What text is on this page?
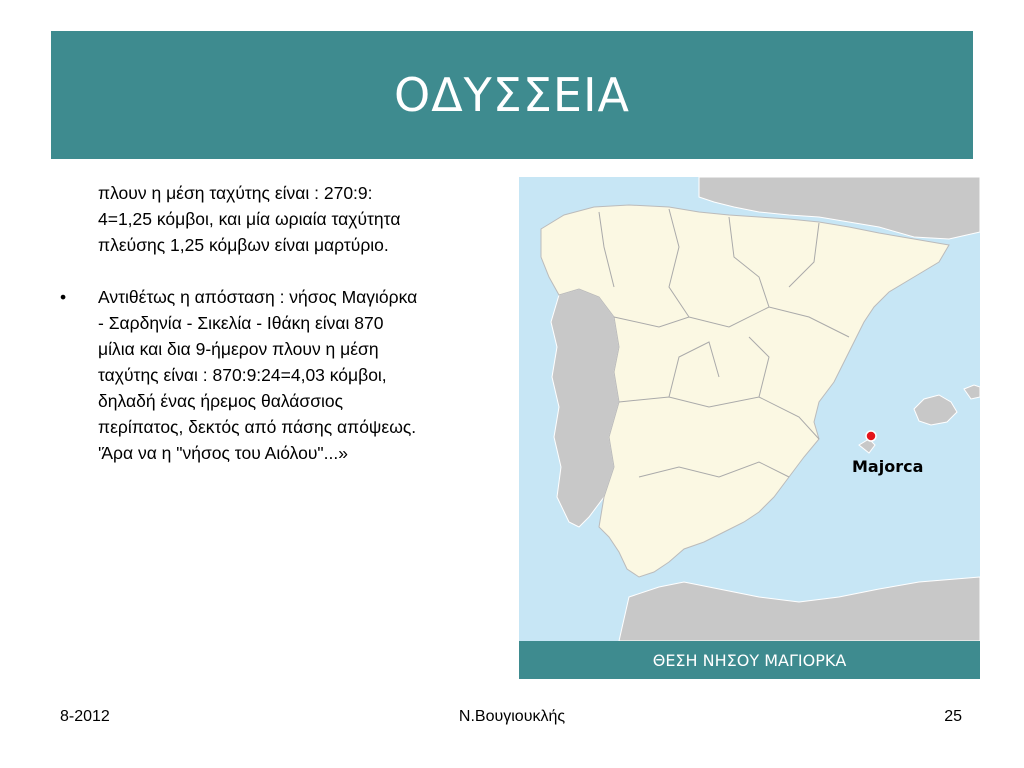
ΟΔΥΣΣΕΙΑ
πλουν η μέση ταχύτης είναι : 270:9:
4=1,25 κόμβοι, και μία ωριαία ταχύτητα
πλεύσης 1,25 κόμβων είναι μαρτύριο.
•	Αντιθέτως η απόσταση : νήσος Μαγιόρκα
- Σαρδηνία - Σικελία - Ιθάκη είναι 870
μίλια και δια 9-ήμερον πλουν η μέση
ταχύτης είναι : 870:9:24=4,03 κόμβοι,
δηλαδή ένας ήρεμος θαλάσσιος
περίπατος, δεκτός από πάσης απόψεως.
'Άρα να η "νήσος του Αιόλου"...»
Majorca
ΘΕΣΗ ΝΗΣΟΥ ΜΑΓΙΟΡΚΑ
8-2012	Ν.Βουγιουκλής	25
